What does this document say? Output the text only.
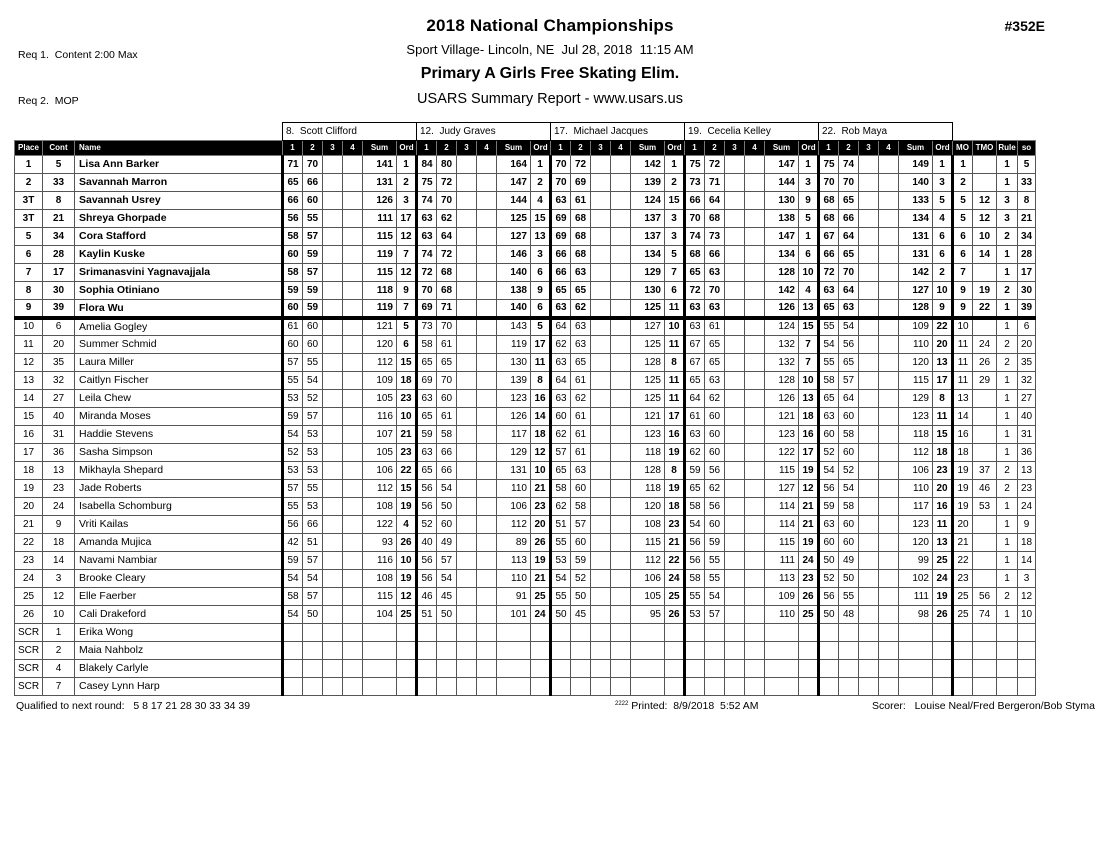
Req 1.  Content 2:00 Max

Req 2.  MOP

#352E
2018 National Championships
Sport Village- Lincoln, NE  Jul 28, 2018  11:15 AM
Primary A Girls Free Skating Elim.
USARS Summary Report - www.usars.us
			8.  Scott Clifford						12.  Judy Graves						17.  Michael Jacques						19.  Cecelia Kelley						22.  Rob Maya									
Place	Cont	Name	1	2	3	4	Sum	Ord	1	2	3	4	Sum	Ord	1	2	3	4	Sum	Ord	1	2	3	4	Sum	Ord	1	2	3	4	Sum	Ord	MO	TMO	Rule	so
1	5	Lisa Ann Barker	71	70			141	1	84	80			164	1	70	72			142	1	75	72			147	1	75	74			149	1	1		1	5
2	33	Savannah Marron	65	66			131	2	75	72			147	2	70	69			139	2	73	71			144	3	70	70			140	3	2		1	33
3T	8	Savannah Usrey	66	60			126	3	74	70			144	4	63	61			124	15	66	64			130	9	68	65			133	5	5	12	3	8
3T	21	Shreya Ghorpade	56	55			111	17	63	62			125	15	69	68			137	3	70	68			138	5	68	66			134	4	5	12	3	21
5	34	Cora Stafford	58	57			115	12	63	64			127	13	69	68			137	3	74	73			147	1	67	64			131	6	6	10	2	34
6	28	Kaylin Kuske	60	59			119	7	74	72			146	3	66	68			134	5	68	66			134	6	66	65			131	6	6	14	1	28
7	17	Srimanasvini Yagnavajjala	58	57			115	12	72	68			140	6	66	63			129	7	65	63			128	10	72	70			142	2	7		1	17
8	30	Sophia Otiniano	59	59			118	9	70	68			138	9	65	65			130	6	72	70			142	4	63	64			127	10	9	19	2	30
9	39	Flora Wu	60	59			119	7	69	71			140	6	63	62			125	11	63	63			126	13	65	63			128	9	9	22	1	39
10	6	Amelia Gogley	61	60			121	5	73	70			143	5	64	63			127	10	63	61			124	15	55	54			109	22	10		1	6
11	20	Summer Schmid	60	60			120	6	58	61			119	17	62	63			125	11	67	65			132	7	54	56			110	20	11	24	2	20
12	35	Laura Miller	57	55			112	15	65	65			130	11	63	65			128	8	67	65			132	7	55	65			120	13	11	26	2	35
13	32	Caitlyn Fischer	55	54			109	18	69	70			139	8	64	61			125	11	65	63			128	10	58	57			115	17	11	29	1	32
14	27	Leila Chew	53	52			105	23	63	60			123	16	63	62			125	11	64	62			126	13	65	64			129	8	13		1	27
15	40	Miranda Moses	59	57			116	10	65	61			126	14	60	61			121	17	61	60			121	18	63	60			123	11	14		1	40
16	31	Haddie Stevens	54	53			107	21	59	58			117	18	62	61			123	16	63	60			123	16	60	58			118	15	16		1	31
17	36	Sasha Simpson	52	53			105	23	63	66			129	12	57	61			118	19	62	60			122	17	52	60			112	18	18		1	36
18	13	Mikhayla Shepard	53	53			106	22	65	66			131	10	65	63			128	8	59	56			115	19	54	52			106	23	19	37	2	13
19	23	Jade Roberts	57	55			112	15	56	54			110	21	58	60			118	19	65	62			127	12	56	54			110	20	19	46	2	23
20	24	Isabella Schomburg	55	53			108	19	56	50			106	23	62	58			120	18	58	56			114	21	59	58			117	16	19	53	1	24
21	9	Vriti Kailas	56	66			122	4	52	60			112	20	51	57			108	23	54	60			114	21	63	60			123	11	20		1	9
22	18	Amanda Mujica	42	51			93	26	40	49			89	26	55	60			115	21	56	59			115	19	60	60			120	13	21		1	18
23	14	Navami Nambiar	59	57			116	10	56	57			113	19	53	59			112	22	56	55			111	24	50	49			99	25	22		1	14
24	3	Brooke Cleary	54	54			108	19	56	54			110	21	54	52			106	24	58	55			113	23	52	50			102	24	23		1	3
25	12	Elle Faerber	58	57			115	12	46	45			91	25	55	50			105	25	55	54			109	26	56	55			111	19	25	56	2	12
26	10	Cali Drakeford	54	50			104	25	51	50			101	24	50	45			95	26	53	57			110	25	50	48			98	26	25	74	1	10
SCR	1	Erika Wong																																		
SCR	2	Maia Nahbolz																																		
SCR	4	Blakely Carlyle																																		
SCR	7	Casey Lynn Harp																																		
Qualified to next round:   5 8 17 21 28 30 33 34 39	$^{2222}$ Printed:  8/9/2018  5:52 AM	Scorer:   Louise Neal/Fred Bergeron/Bob Styma
